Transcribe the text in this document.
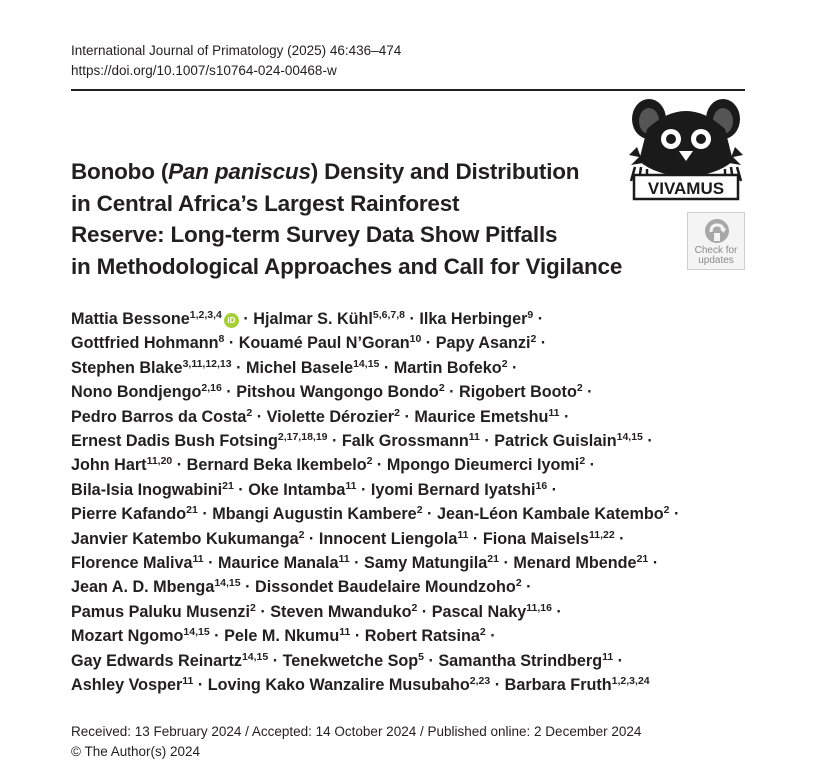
International Journal of Primatology (2025) 46:436–474
https://doi.org/10.1007/s10764-024-00468-w
VIVAMUS
Check for
updates
Bonobo (Pan paniscus) Density and Distribution
in Central Africa’s Largest Rainforest
Reserve: Long-term Survey Data Show Pitfalls
in Methodological Approaches and Call for Vigilance
Mattia Bessone$^{1,2,3,4}$ iD · Hjalmar S. Kühl$^{5,6,7,8}$ · Ilka Herbinger$^9$ ·
Gottfried Hohmann$^8$ · Kouamé Paul N’Goran$^{10}$ · Papy Asanzi$^2$ ·
Stephen Blake$^{3,11,12,13}$ · Michel Basele$^{14,15}$ · Martin Bofeko$^2$ ·
Nono Bondjengo$^{2,16}$ · Pitshou Wangongo Bondo$^2$ · Rigobert Booto$^2$ ·
Pedro Barros da Costa$^2$ · Violette Dérozier$^2$ · Maurice Emetshu$^{11}$ ·
Ernest Dadis Bush Fotsing$^{2,17,18,19}$ · Falk Grossmann$^{11}$ · Patrick Guislain$^{14,15}$ ·
John Hart$^{11,20}$ · Bernard Beka Ikembelo$^2$ · Mpongo Dieumerci Iyomi$^2$ ·
Bila-Isia Inogwabini$^{21}$ · Oke Intamba$^{11}$ · Iyomi Bernard Iyatshi$^{16}$ ·
Pierre Kafando$^{21}$ · Mbangi Augustin Kambere$^2$ · Jean-Léon Kambale Katembo$^2$ ·
Janvier Katembo Kukumanga$^2$ · Innocent Liengola$^{11}$ · Fiona Maisels$^{11,22}$ ·
Florence Maliva$^{11}$ · Maurice Manala$^{11}$ · Samy Matungila$^{21}$ · Menard Mbende$^{21}$ ·
Jean A. D. Mbenga$^{14,15}$ · Dissondet Baudelaire Moundzoho$^2$ ·
Pamus Paluku Musenzi$^2$ · Steven Mwanduko$^2$ · Pascal Naky$^{11,16}$ ·
Mozart Ngomo$^{14,15}$ · Pele M. Nkumu$^{11}$ · Robert Ratsina$^2$ ·
Gay Edwards Reinartz$^{14,15}$ · Tenekwetche Sop$^5$ · Samantha Strindberg$^{11}$ ·
Ashley Vosper$^{11}$ · Loving Kako Wanzalire Musubaho$^{2,23}$ · Barbara Fruth$^{1,2,3,24}$
Received: 13 February 2024 / Accepted: 14 October 2024 / Published online: 2 December 2024
© The Author(s) 2024
